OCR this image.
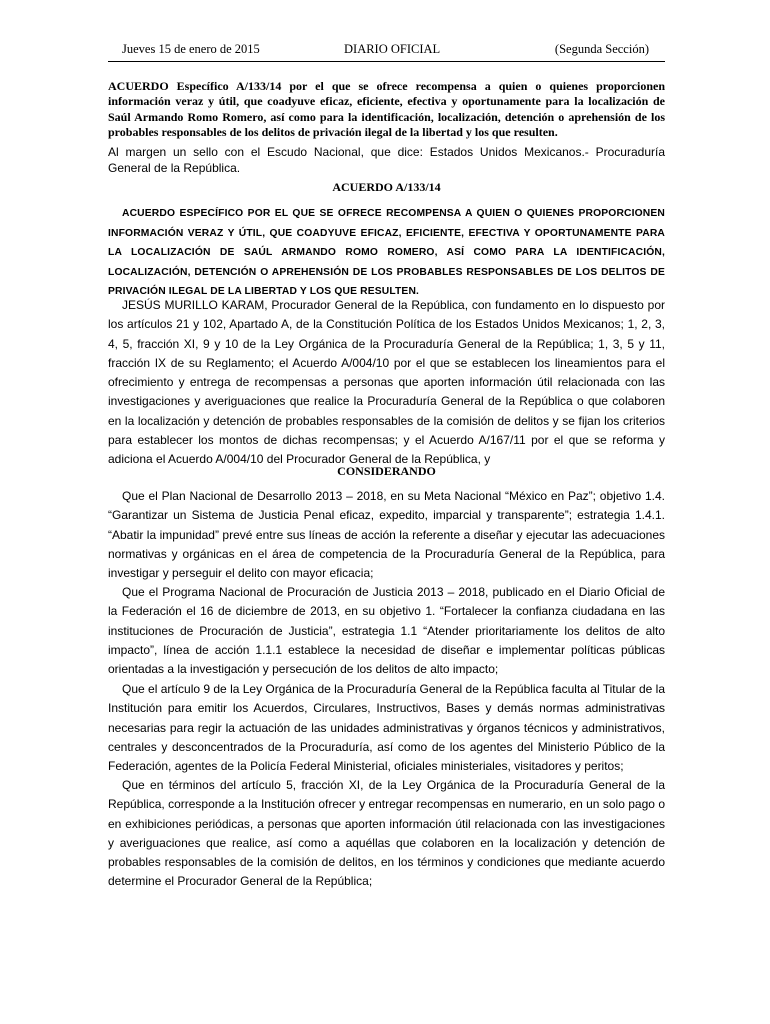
Jueves 15 de enero de 2015	DIARIO OFICIAL	(Segunda Sección)

ACUERDO Específico A/133/14 por el que se ofrece recompensa a quien o quienes proporcionen información veraz y útil, que coadyuve eficaz, eficiente, efectiva y oportunamente para la localización de Saúl Armando Romo Romero, así como para la identificación, localización, detención o aprehensión de los probables responsables de los delitos de privación ilegal de la libertad y los que resulten.

Al margen un sello con el Escudo Nacional, que dice: Estados Unidos Mexicanos.- Procuraduría General de la República.

ACUERDO A/133/14

ACUERDO ESPECÍFICO POR EL QUE SE OFRECE RECOMPENSA A QUIEN O QUIENES PROPORCIONEN INFORMACIÓN VERAZ Y ÚTIL, QUE COADYUVE EFICAZ, EFICIENTE, EFECTIVA Y OPORTUNAMENTE PARA LA LOCALIZACIÓN DE SAÚL ARMANDO ROMO ROMERO, ASÍ COMO PARA LA IDENTIFICACIÓN, LOCALIZACIÓN, DETENCIÓN O APREHENSIÓN DE LOS PROBABLES RESPONSABLES DE LOS DELITOS DE PRIVACIÓN ILEGAL DE LA LIBERTAD Y LOS QUE RESULTEN.

JESÚS MURILLO KARAM, Procurador General de la República, con fundamento en lo dispuesto por los artículos 21 y 102, Apartado A, de la Constitución Política de los Estados Unidos Mexicanos; 1, 2, 3, 4, 5, fracción XI, 9 y 10 de la Ley Orgánica de la Procuraduría General de la República; 1, 3, 5 y 11, fracción IX de su Reglamento; el Acuerdo A/004/10 por el que se establecen los lineamientos para el ofrecimiento y entrega de recompensas a personas que aporten información útil relacionada con las investigaciones y averiguaciones que realice la Procuraduría General de la República o que colaboren en la localización y detención de probables responsables de la comisión de delitos y se fijan los criterios para establecer los montos de dichas recompensas; y el Acuerdo A/167/11 por el que se reforma y adiciona el Acuerdo A/004/10 del Procurador General de la República, y

CONSIDERANDO

Que el Plan Nacional de Desarrollo 2013 – 2018, en su Meta Nacional “México en Paz”; objetivo 1.4. “Garantizar un Sistema de Justicia Penal eficaz, expedito, imparcial y transparente”; estrategia 1.4.1. “Abatir la impunidad” prevé entre sus líneas de acción la referente a diseñar y ejecutar las adecuaciones normativas y orgánicas en el área de competencia de la Procuraduría General de la República, para investigar y perseguir el delito con mayor eficacia;

Que el Programa Nacional de Procuración de Justicia 2013 – 2018, publicado en el Diario Oficial de la Federación el 16 de diciembre de 2013, en su objetivo 1. “Fortalecer la confianza ciudadana en las instituciones de Procuración de Justicia”, estrategia 1.1 “Atender prioritariamente los delitos de alto impacto”, línea de acción 1.1.1 establece la necesidad de diseñar e implementar políticas públicas orientadas a la investigación y persecución de los delitos de alto impacto;

Que el artículo 9 de la Ley Orgánica de la Procuraduría General de la República faculta al Titular de la Institución para emitir los Acuerdos, Circulares, Instructivos, Bases y demás normas administrativas necesarias para regir la actuación de las unidades administrativas y órganos técnicos y administrativos, centrales y desconcentrados de la Procuraduría, así como de los agentes del Ministerio Público de la Federación, agentes de la Policía Federal Ministerial, oficiales ministeriales, visitadores y peritos;

Que en términos del artículo 5, fracción XI, de la Ley Orgánica de la Procuraduría General de la República, corresponde a la Institución ofrecer y entregar recompensas en numerario, en un solo pago o en exhibiciones periódicas, a personas que aporten información útil relacionada con las investigaciones y averiguaciones que realice, así como a aquéllas que colaboren en la localización y detención de probables responsables de la comisión de delitos, en los términos y condiciones que mediante acuerdo determine el Procurador General de la República;
